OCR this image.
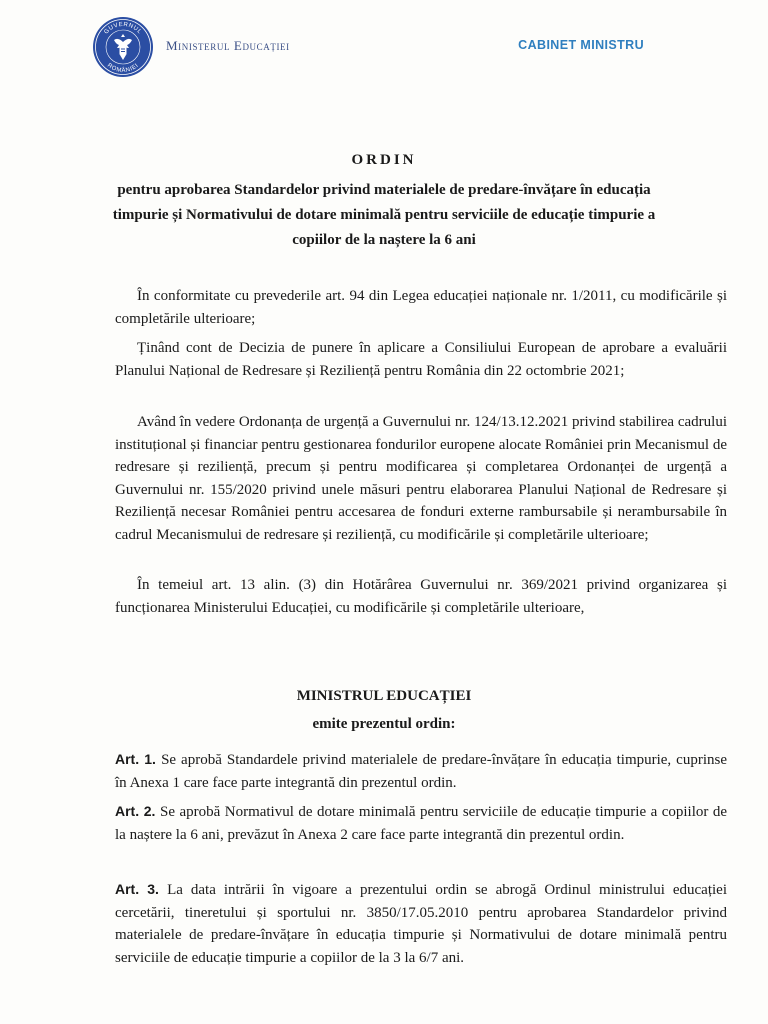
GUVERNUL
ROMÂNIEI
Ministerul Educației	CABINET MINISTRU
ORDIN
pentru aprobarea Standardelor privind materialele de predare-învățare în educația timpurie și Normativului de dotare minimală pentru serviciile de educație timpurie a copiilor de la naștere la 6 ani
În conformitate cu prevederile art. 94 din Legea educației naționale nr. 1/2011, cu modificările și completările ulterioare;
Ținând cont de Decizia de punere în aplicare a Consiliului European de aprobare a evaluării Planului Național de Redresare și Reziliență pentru România din 22 octombrie 2021;
Având în vedere Ordonanța de urgență a Guvernului nr. 124/13.12.2021 privind stabilirea cadrului instituțional și financiar pentru gestionarea fondurilor europene alocate României prin Mecanismul de redresare și reziliență, precum și pentru modificarea și completarea Ordonanței de urgență a Guvernului nr. 155/2020 privind unele măsuri pentru elaborarea Planului Național de Redresare și Reziliență necesar României pentru accesarea de fonduri externe rambursabile și nerambursabile în cadrul Mecanismului de redresare și reziliență, cu modificările și completările ulterioare;
În temeiul art. 13 alin. (3) din Hotărârea Guvernului nr. 369/2021 privind organizarea și funcționarea Ministerului Educației, cu modificările și completările ulterioare,
MINISTRUL EDUCAȚIEI
emite prezentul ordin:
Art. 1. Se aprobă Standardele privind materialele de predare-învățare în educația timpurie, cuprinse în Anexa 1 care face parte integrantă din prezentul ordin.
Art. 2. Se aprobă Normativul de dotare minimală pentru serviciile de educație timpurie a copiilor de la naștere la 6 ani, prevăzut în Anexa 2 care face parte integrantă din prezentul ordin.
Art. 3. La data intrării în vigoare a prezentului ordin se abrogă Ordinul ministrului educației cercetării, tineretului și sportului nr. 3850/17.05.2010 pentru aprobarea Standardelor privind materialele de predare-învățare în educația timpurie și Normativului de dotare minimală pentru serviciile de educație timpurie a copiilor de la 3 la 6/7 ani.
